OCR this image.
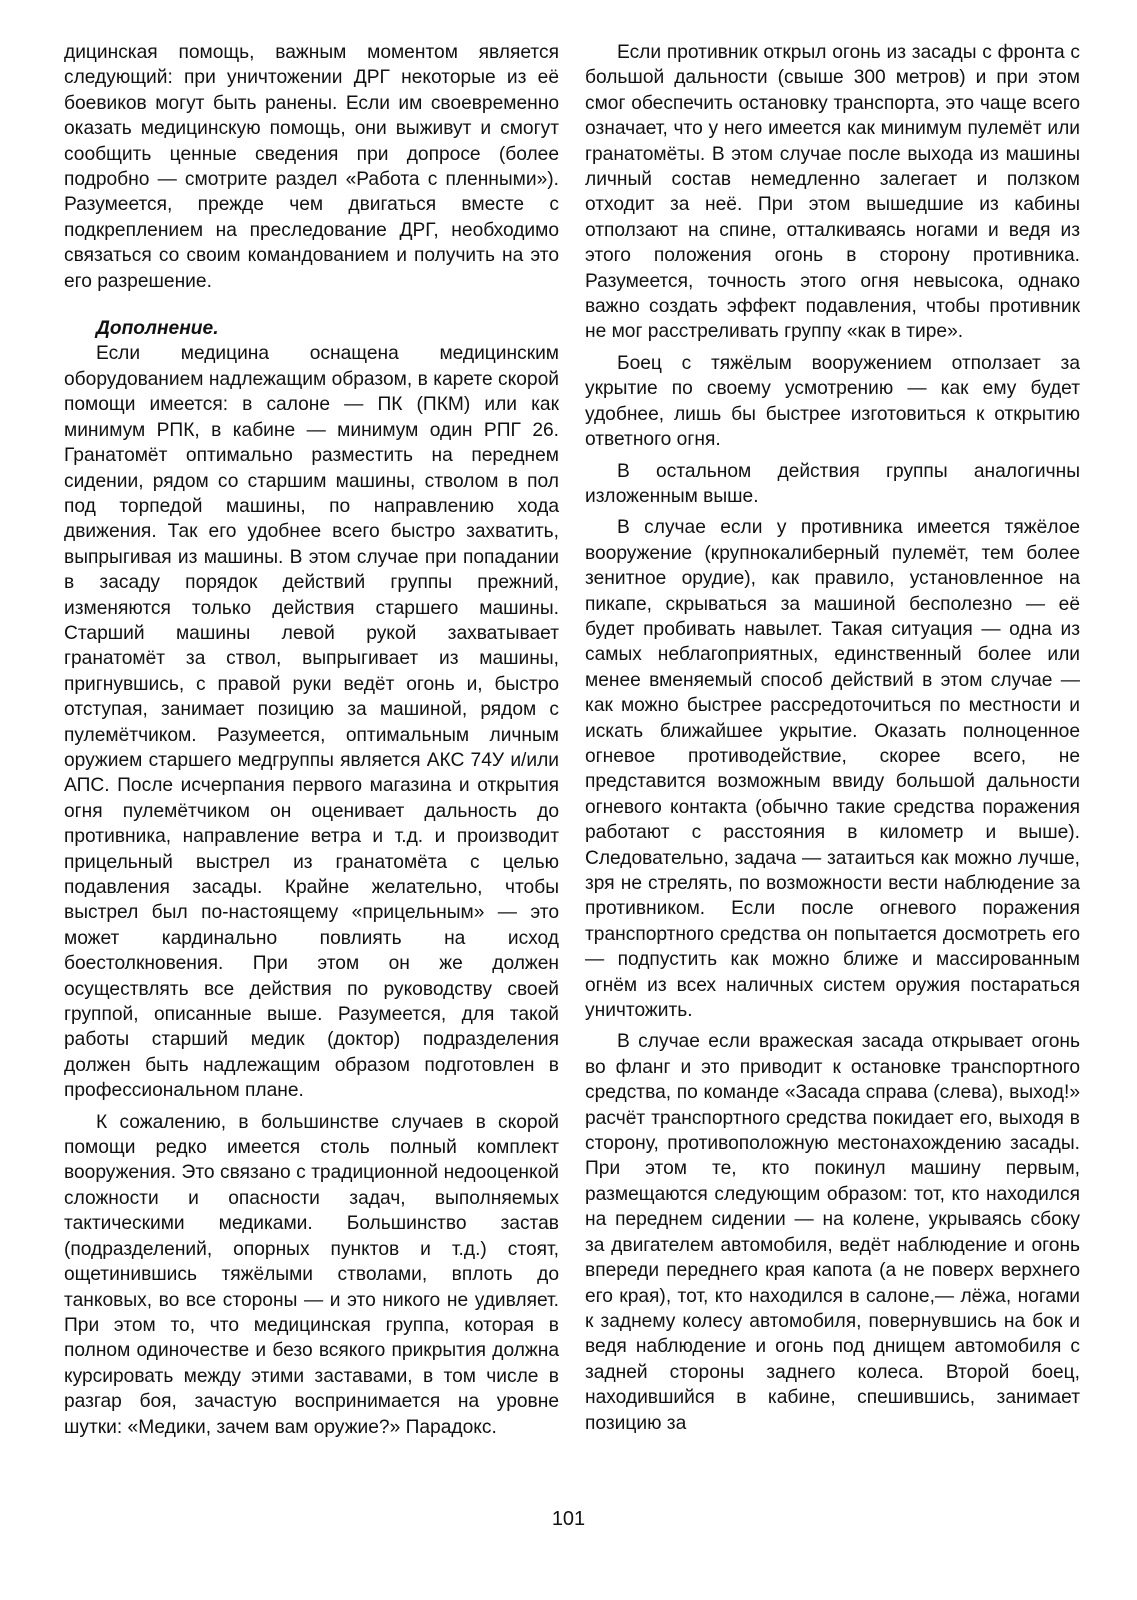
дицинская помощь, важным моментом является следующий: при уничтожении ДРГ некоторые из её боевиков могут быть ранены. Если им своевременно оказать медицинскую помощь, они выживут и смогут сообщить ценные сведения при допросе (более подробно — смотрите раздел «Работа с пленными»). Разумеется, прежде чем двигаться вместе с подкреплением на преследование ДРГ, необходимо связаться со своим командованием и получить на это его разрешение.

Дополнение.

Если медицина оснащена медицинским оборудованием надлежащим образом, в карете скорой помощи имеется: в салоне — ПК (ПКМ) или как минимум РПК, в кабине — минимум один РПГ 26. Гранатомёт оптимально разместить на переднем сидении, рядом со старшим машины, стволом в пол под торпедой машины, по направлению хода движения. Так его удобнее всего быстро захватить, выпрыгивая из машины. В этом случае при попадании в засаду порядок действий группы прежний, изменяются только действия старшего машины. Старший машины левой рукой захватывает гранатомёт за ствол, выпрыгивает из машины, пригнувшись, с правой руки ведёт огонь и, быстро отступая, занимает позицию за машиной, рядом с пулемётчиком. Разумеется, оптимальным личным оружием старшего медгруппы является АКС 74У и/или АПС. После исчерпания первого магазина и открытия огня пулемётчиком он оценивает дальность до противника, направление ветра и т.д. и производит прицельный выстрел из гранатомёта с целью подавления засады. Крайне желательно, чтобы выстрел был по-настоящему «прицельным» — это может кардинально повлиять на исход боестолкновения. При этом он же должен осуществлять все действия по руководству своей группой, описанные выше. Разумеется, для такой работы старший медик (доктор) подразделения должен быть надлежащим образом подготовлен в профессиональном плане.

К сожалению, в большинстве случаев в скорой помощи редко имеется столь полный комплект вооружения. Это связано с традиционной недооценкой сложности и опасности задач, выполняемых тактическими медиками. Большинство застав (подразделений, опорных пунктов и т.д.) стоят, ощетинившись тяжёлыми стволами, вплоть до танковых, во все стороны — и это никого не удивляет. При этом то, что медицинская группа, которая в полном одиночестве и безо всякого прикрытия должна курсировать между этими заставами, в том числе в разгар боя, зачастую воспринимается на уровне шутки: «Медики, зачем вам оружие?» Парадокс.

Если противник открыл огонь из засады с фронта с большой дальности (свыше 300 метров) и при этом смог обеспечить остановку транспорта, это чаще всего означает, что у него имеется как минимум пулемёт или гранатомёты. В этом случае после выхода из машины личный состав немедленно залегает и ползком отходит за неё. При этом вышедшие из кабины отползают на спине, отталкиваясь ногами и ведя из этого положения огонь в сторону противника. Разумеется, точность этого огня невысока, однако важно создать эффект подавления, чтобы противник не мог расстреливать группу «как в тире».

Боец с тяжёлым вооружением отползает за укрытие по своему усмотрению — как ему будет удобнее, лишь бы быстрее изготовиться к открытию ответного огня.

В остальном действия группы аналогичны изложенным выше.

В случае если у противника имеется тяжёлое вооружение (крупнокалиберный пулемёт, тем более зенитное орудие), как правило, установленное на пикапе, скрываться за машиной бесполезно — её будет пробивать навылет. Такая ситуация — одна из самых неблагоприятных, единственный более или менее вменяемый способ действий в этом случае — как можно быстрее рассредоточиться по местности и искать ближайшее укрытие. Оказать полноценное огневое противодействие, скорее всего, не представится возможным ввиду большой дальности огневого контакта (обычно такие средства поражения работают с расстояния в километр и выше). Следовательно, задача — затаиться как можно лучше, зря не стрелять, по возможности вести наблюдение за противником. Если после огневого поражения транспортного средства он попытается досмотреть его — подпустить как можно ближе и массированным огнём из всех наличных систем оружия постараться уничтожить.

В случае если вражеская засада открывает огонь во фланг и это приводит к остановке транспортного средства, по команде «Засада справа (слева), выход!» расчёт транспортного средства покидает его, выходя в сторону, противоположную местонахождению засады. При этом те, кто покинул машину первым, размещаются следующим образом: тот, кто находился на переднем сидении — на колене, укрываясь сбоку за двигателем автомобиля, ведёт наблюдение и огонь впереди переднего края капота (а не поверх верхнего его края), тот, кто находился в салоне,— лёжа, ногами к заднему колесу автомобиля, повернувшись на бок и ведя наблюдение и огонь под днищем автомобиля с задней стороны заднего колеса. Второй боец, находившийся в кабине, спешившись, занимает позицию за

101
